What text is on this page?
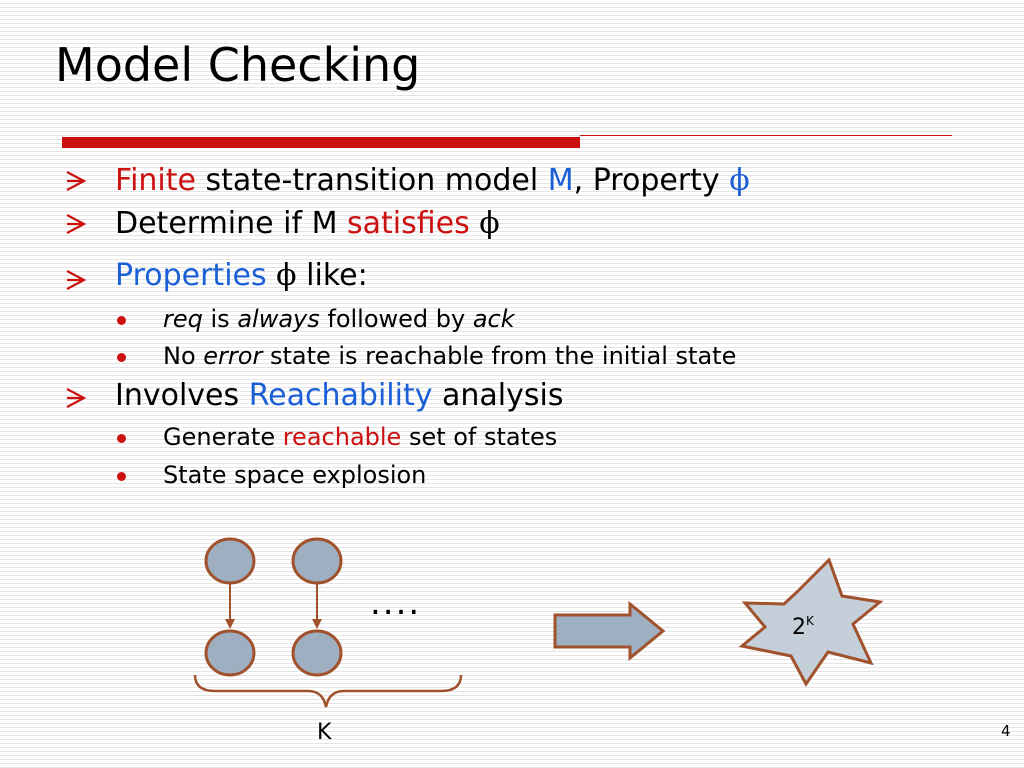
Model Checking
Finite state-transition model M, Property ϕ
Determine if M satisfies ϕ
Properties ϕ like:
req is always followed by ack
No error state is reachable from the initial state
Involves Reachability analysis
Generate reachable set of states
State space explosion
....
K
$2^K$
4
